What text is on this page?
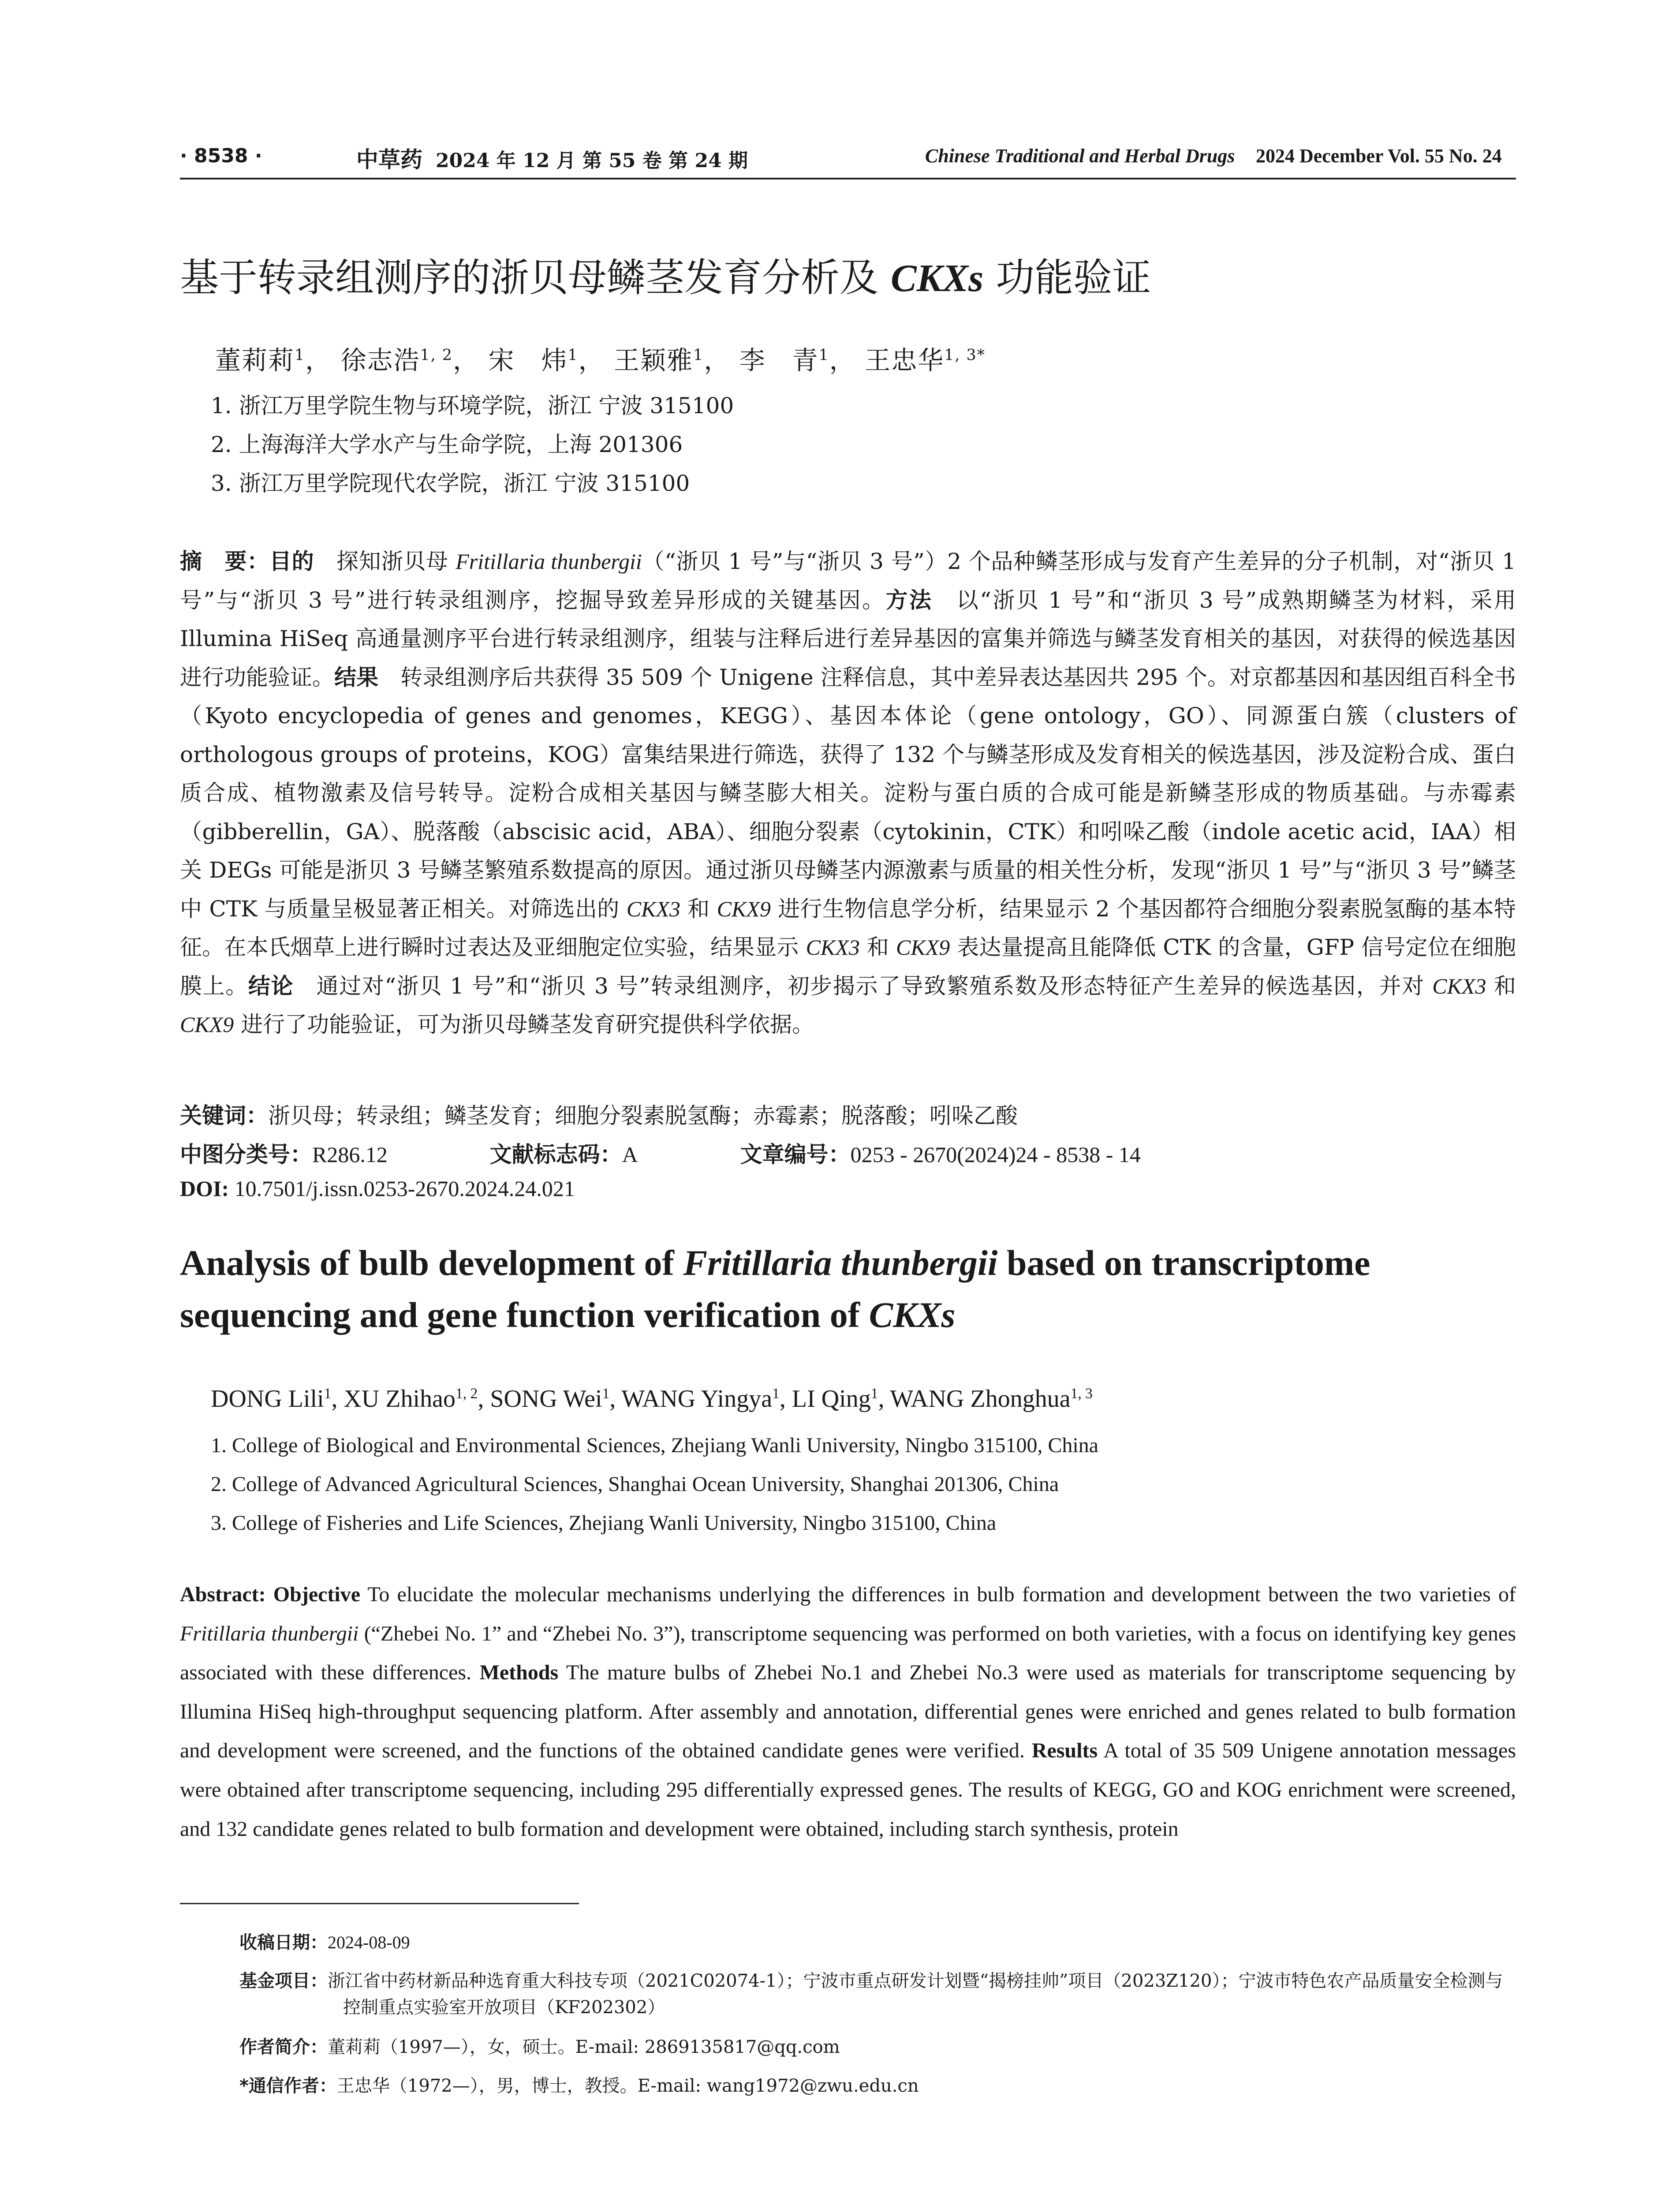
· 8538 ·	中草药 2024 年 12 月 第 55 卷 第 24 期	Chinese Traditional and Herbal Drugs 2024 December Vol. 55 No. 24
基于转录组测序的浙贝母鳞茎发育分析及 CKXs 功能验证
董莉莉$^1$， 徐志浩$^{1, 2}$， 宋　炜$^1$， 王颖雅$^1$， 李　青$^1$， 王忠华$^{1, 3*}$
1. 浙江万里学院生物与环境学院，浙江 宁波 315100
2. 上海海洋大学水产与生命学院，上海 201306
3. 浙江万里学院现代农学院，浙江 宁波 315100
摘　要：目的　探知浙贝母 Fritillaria thunbergii（“浙贝 1 号”与“浙贝 3 号”）2 个品种鳞茎形成与发育产生差异的分子机制，对“浙贝 1 号”与“浙贝 3 号”进行转录组测序，挖掘导致差异形成的关键基因。方法　以“浙贝 1 号”和“浙贝 3 号”成熟期鳞茎为材料，采用 Illumina HiSeq 高通量测序平台进行转录组测序，组装与注释后进行差异基因的富集并筛选与鳞茎发育相关的基因，对获得的候选基因进行功能验证。结果　转录组测序后共获得 35 509 个 Unigene 注释信息，其中差异表达基因共 295 个。对京都基因和基因组百科全书（Kyoto encyclopedia of genes and genomes，KEGG）、基因本体论（gene ontology，GO）、同源蛋白簇（clusters of orthologous groups of proteins，KOG）富集结果进行筛选，获得了 132 个与鳞茎形成及发育相关的候选基因，涉及淀粉合成、蛋白质合成、植物激素及信号转导。淀粉合成相关基因与鳞茎膨大相关。淀粉与蛋白质的合成可能是新鳞茎形成的物质基础。与赤霉素（gibberellin，GA）、脱落酸（abscisic acid，ABA）、细胞分裂素（cytokinin，CTK）和吲哚乙酸（indole acetic acid，IAA）相关 DEGs 可能是浙贝 3 号鳞茎繁殖系数提高的原因。通过浙贝母鳞茎内源激素与质量的相关性分析，发现“浙贝 1 号”与“浙贝 3 号”鳞茎中 CTK 与质量呈极显著正相关。对筛选出的 CKX3 和 CKX9 进行生物信息学分析，结果显示 2 个基因都符合细胞分裂素脱氢酶的基本特征。在本氏烟草上进行瞬时过表达及亚细胞定位实验，结果显示 CKX3 和 CKX9 表达量提高且能降低 CTK 的含量，GFP 信号定位在细胞膜上。结论　通过对“浙贝 1 号”和“浙贝 3 号”转录组测序，初步揭示了导致繁殖系数及形态特征产生差异的候选基因，并对 CKX3 和 CKX9 进行了功能验证，可为浙贝母鳞茎发育研究提供科学依据。
关键词：浙贝母；转录组；鳞茎发育；细胞分裂素脱氢酶；赤霉素；脱落酸；吲哚乙酸
中图分类号：R286.12	文献标志码：A	文章编号：0253 - 2670(2024)24 - 8538 - 14
DOI: 10.7501/j.issn.0253-2670.2024.24.021
Analysis of bulb development of Fritillaria thunbergii based on transcriptome sequencing and gene function verification of CKXs
DONG Lili$^1$, XU Zhihao$^{1, 2}$, SONG Wei$^1$, WANG Yingya$^1$, LI Qing$^1$, WANG Zhonghua$^{1, 3}$
1. College of Biological and Environmental Sciences, Zhejiang Wanli University, Ningbo 315100, China
2. College of Advanced Agricultural Sciences, Shanghai Ocean University, Shanghai 201306, China
3. College of Fisheries and Life Sciences, Zhejiang Wanli University, Ningbo 315100, China
Abstract: Objective To elucidate the molecular mechanisms underlying the differences in bulb formation and development between the two varieties of Fritillaria thunbergii (“Zhebei No. 1” and “Zhebei No. 3”), transcriptome sequencing was performed on both varieties, with a focus on identifying key genes associated with these differences. Methods The mature bulbs of Zhebei No.1 and Zhebei No.3 were used as materials for transcriptome sequencing by Illumina HiSeq high-throughput sequencing platform. After assembly and annotation, differential genes were enriched and genes related to bulb formation and development were screened, and the functions of the obtained candidate genes were verified. Results A total of 35 509 Unigene annotation messages were obtained after transcriptome sequencing, including 295 differentially expressed genes. The results of KEGG, GO and KOG enrichment were screened, and 132 candidate genes related to bulb formation and development were obtained, including starch synthesis, protein
收稿日期：2024-08-09
基金项目：浙江省中药材新品种选育重大科技专项（2021C02074-1）；宁波市重点研发计划暨“揭榜挂帅”项目（2023Z120）；宁波市特色农产品质量安全检测与控制重点实验室开放项目（KF202302）
作者简介：董莉莉（1997—），女，硕士。E-mail: 2869135817@qq.com
*通信作者：王忠华（1972—），男，博士，教授。E-mail: wang1972@zwu.edu.cn
